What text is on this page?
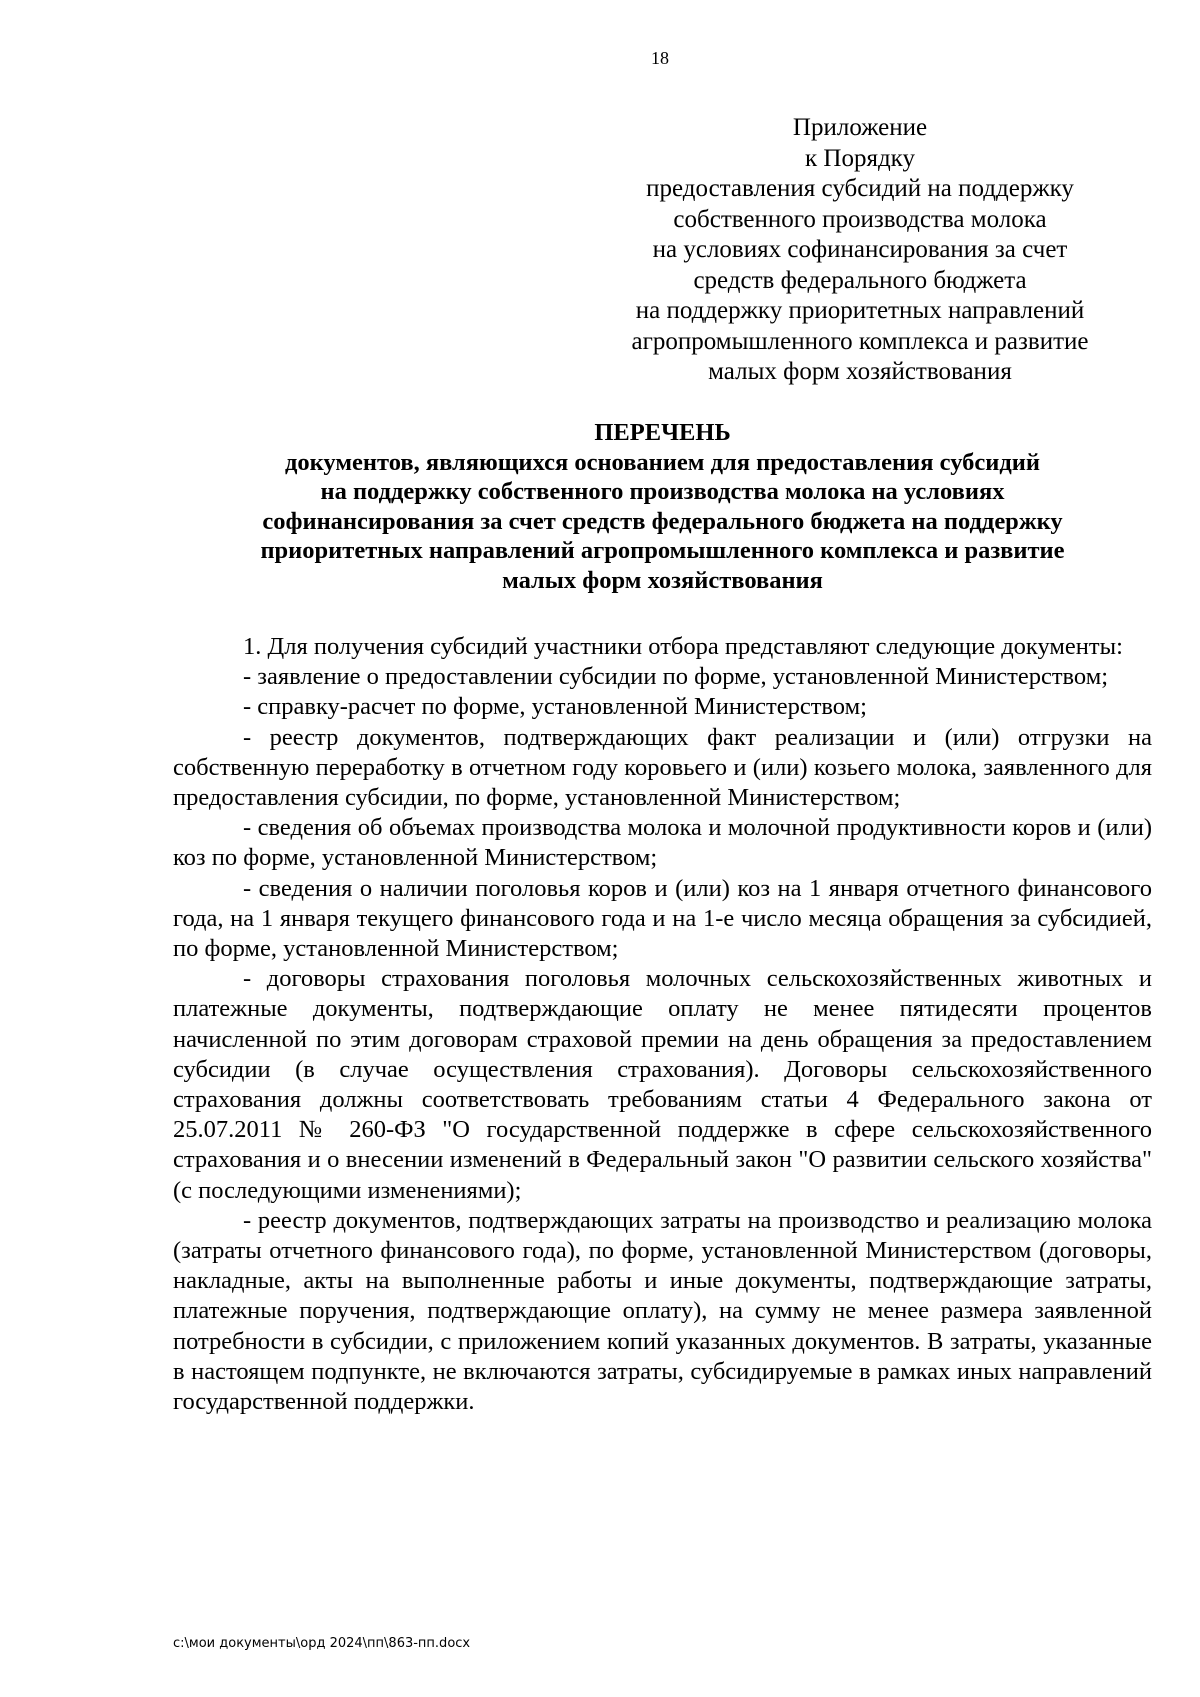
18
Приложение
к Порядку
предоставления субсидий на поддержку
собственного производства молока
на условиях софинансирования за счет
средств федерального бюджета
на поддержку приоритетных направлений
агропромышленного комплекса и развитие
малых форм хозяйствования
ПЕРЕЧЕНЬ
документов, являющихся основанием для предоставления субсидий
на поддержку собственного производства молока на условиях
софинансирования за счет средств федерального бюджета на поддержку
приоритетных направлений агропромышленного комплекса и развитие
малых форм хозяйствования

1. Для получения субсидий участники отбора представляют следующие документы:

- заявление о предоставлении субсидии по форме, установленной Министерством;

- справку-расчет по форме, установленной Министерством;

- реестр документов, подтверждающих факт реализации и (или) отгрузки на собственную переработку в отчетном году коровьего и (или) козьего молока, заявленного для предоставления субсидии, по форме, установленной Министерством;

- сведения об объемах производства молока и молочной продуктивности коров и (или) коз по форме, установленной Министерством;

- сведения о наличии поголовья коров и (или) коз на 1 января отчетного финансового года, на 1 января текущего финансового года и на 1-е число месяца обращения за субсидией, по форме, установленной Министерством;

- договоры страхования поголовья молочных сельскохозяйственных животных и платежные документы, подтверждающие оплату не менее пятидесяти процентов начисленной по этим договорам страховой премии на день обращения за предоставлением субсидии (в случае осуществления страхования). Договоры сельскохозяйственного страхования должны соответствовать требованиям статьи 4 Федерального закона от 25.07.2011 № 260-ФЗ "О государственной поддержке в сфере сельскохозяйственного страхования и о внесении изменений в Федеральный закон "О развитии сельского хозяйства" (с последующими изменениями);

- реестр документов, подтверждающих затраты на производство и реализацию молока (затраты отчетного финансового года), по форме, установленной Министерством (договоры, накладные, акты на выполненные работы и иные документы, подтверждающие затраты, платежные поручения, подтверждающие оплату), на сумму не менее размера заявленной потребности в субсидии, с приложением копий указанных документов. В затраты, указанные в настоящем подпункте, не включаются затраты, субсидируемые в рамках иных направлений государственной поддержки.

c:\мои документы\орд 2024\пп\863-пп.docx
